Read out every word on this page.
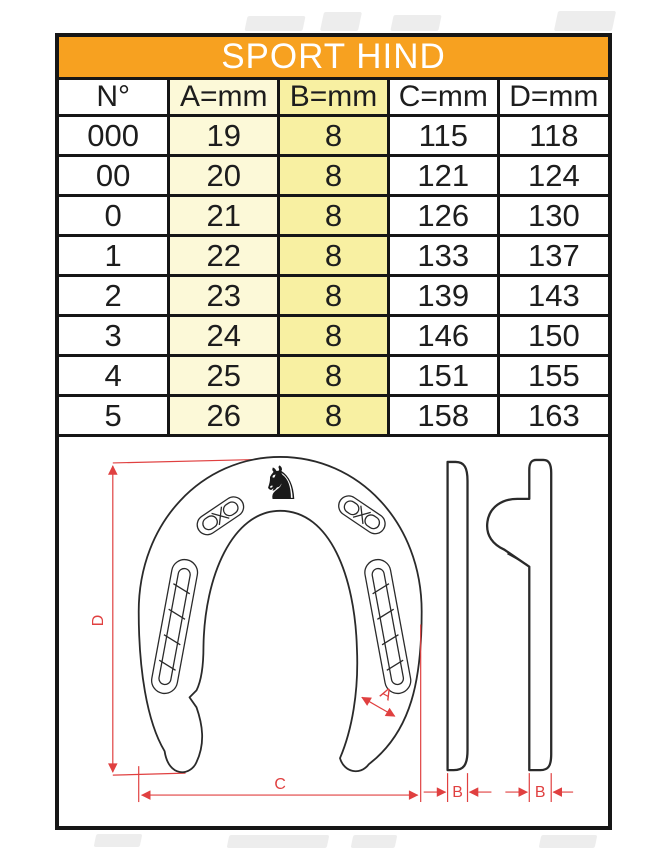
SPORT HIND				
N°	A=mm	B=mm	C=mm	D=mm
000	19	8	115	118
00	20	8	121	124
0	21	8	126	130
1	22	8	133	137
2	23	8	139	143
3	24	8	146	150
4	25	8	151	155
5	26	8	158	163
D
♞
A
C	B	B
